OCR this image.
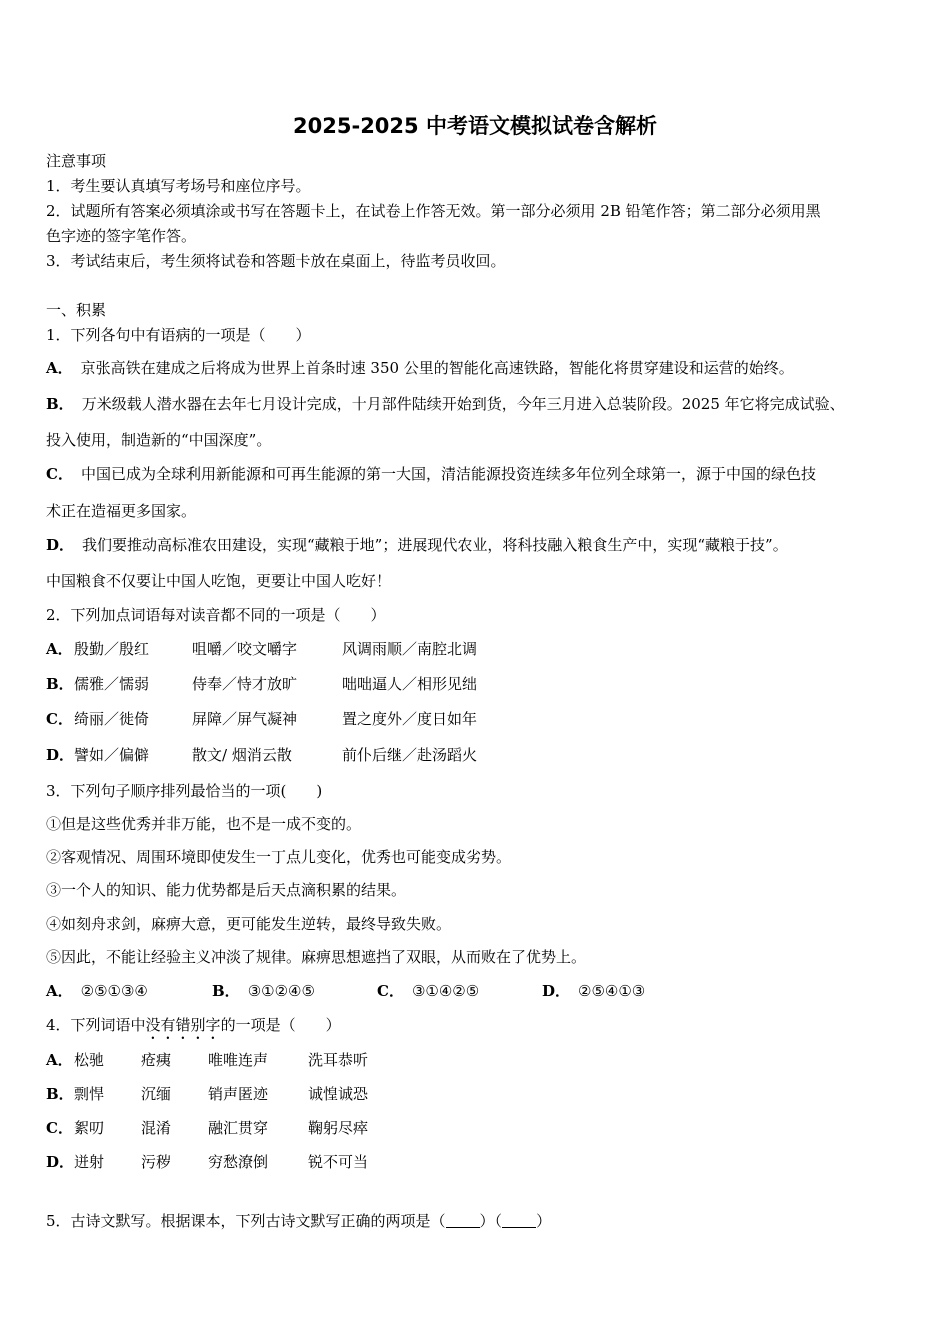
2025-2025 中考语文模拟试卷含解析
注意事项
1．考生要认真填写考场号和座位序号。
2．试题所有答案必须填涂或书写在答题卡上，在试卷上作答无效。第一部分必须用 2B 铅笔作答；第二部分必须用黑
色字迹的签字笔作答。
3．考试结束后，考生须将试卷和答题卡放在桌面上，待监考员收回。
一、积累
1．下列各句中有语病的一项是（　　）
A． 京张高铁在建成之后将成为世界上首条时速 350 公里的智能化高速铁路，智能化将贯穿建设和运营的始终。
B． 万米级载人潜水器在去年七月设计完成，十月部件陆续开始到货，今年三月进入总装阶段。2025 年它将完成试验、
投入使用，制造新的“中国深度”。
C． 中国已成为全球利用新能源和可再生能源的第一大国，清洁能源投资连续多年位列全球第一，源于中国的绿色技
术正在造福更多国家。
D． 我们要推动高标准农田建设，实现“藏粮于地”；进展现代农业，将科技融入粮食生产中，实现“藏粮于技”。
中国粮食不仅要让中国人吃饱，更要让中国人吃好！
2．下列加点词语每对读音都不同的一项是（　　）
A． 殷勤／殷红	咀嚼／咬文嚼字	风调雨顺／南腔北调
B． 儒雅／懦弱	侍奉／恃才放旷	咄咄逼人／相形见绌
C． 绮丽／徙倚	屏障／屏气凝神	置之度外／度日如年
D． 譬如／偏僻	散文/ 烟消云散	前仆后继／赴汤蹈火
3．下列句子顺序排列最恰当的一项(　　)
①但是这些优秀并非万能，也不是一成不变的。
②客观情况、周围环境即使发生一丁点儿变化，优秀也可能变成劣势。
③一个人的知识、能力优势都是后天点滴积累的结果。
④如刻舟求剑，麻痹大意，更可能发生逆转，最终导致失败。
⑤因此，不能让经验主义冲淡了规律。麻痹思想遮挡了双眼，从而败在了优势上。
A． ②⑤①③④	B． ③①②④⑤	C． ③①④②⑤	D． ②⑤④①③
4．下列词语中没有错别字的一项是（　　）
A． 松驰 疮痍 唯唯连声	洗耳恭听
B． 剽悍 沉缅 销声匿迹	诚惶诚恐
C． 絮叨 混淆 融汇贯穿	鞠躬尽瘁
D． 迸射 污秽 穷愁潦倒	锐不可当
5．古诗文默写。根据课本，下列古诗文默写正确的两项是（ ）（ ）
